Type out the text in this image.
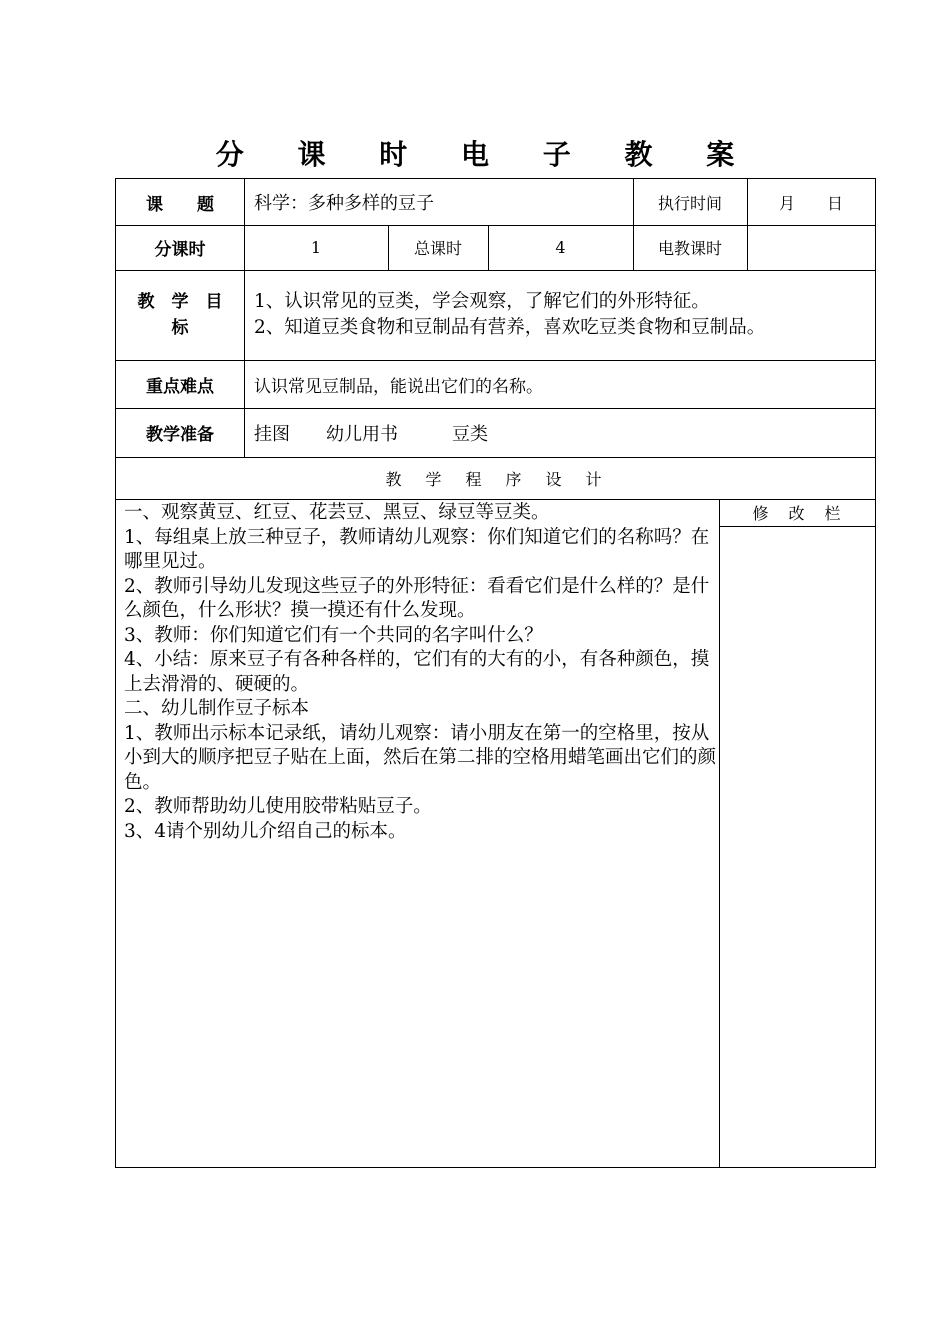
分 课 时 电 子 教 案
课　　题	科学：多种多样的豆子	执行时间	月　　日
分课时	1	总课时	4	电教课时
教　学　目
标
1、认识常见的豆类，学会观察，了解它们的外形特征。
2、知道豆类食物和豆制品有营养，喜欢吃豆类食物和豆制品。
重点难点	认识常见豆制品，能说出它们的名称。
教学准备	挂图　　幼儿用书　　　豆类
教　学　程　序　设　计
修　改　栏
一、观察黄豆、红豆、花芸豆、黑豆、绿豆等豆类。
1、每组桌上放三种豆子，教师请幼儿观察：你们知道它们的名称吗？在哪里见过。
2、教师引导幼儿发现这些豆子的外形特征：看看它们是什么样的？是什么颜色，什么形状？摸一摸还有什么发现。
3、教师：你们知道它们有一个共同的名字叫什么？
4、小结：原来豆子有各种各样的，它们有的大有的小，有各种颜色，摸上去滑滑的、硬硬的。
二、幼儿制作豆子标本
1、教师出示标本记录纸，请幼儿观察：请小朋友在第一的空格里，按从小到大的顺序把豆子贴在上面，然后在第二排的空格用蜡笔画出它们的颜色。
2、教师帮助幼儿使用胶带粘贴豆子。
3、4请个别幼儿介绍自己的标本。
